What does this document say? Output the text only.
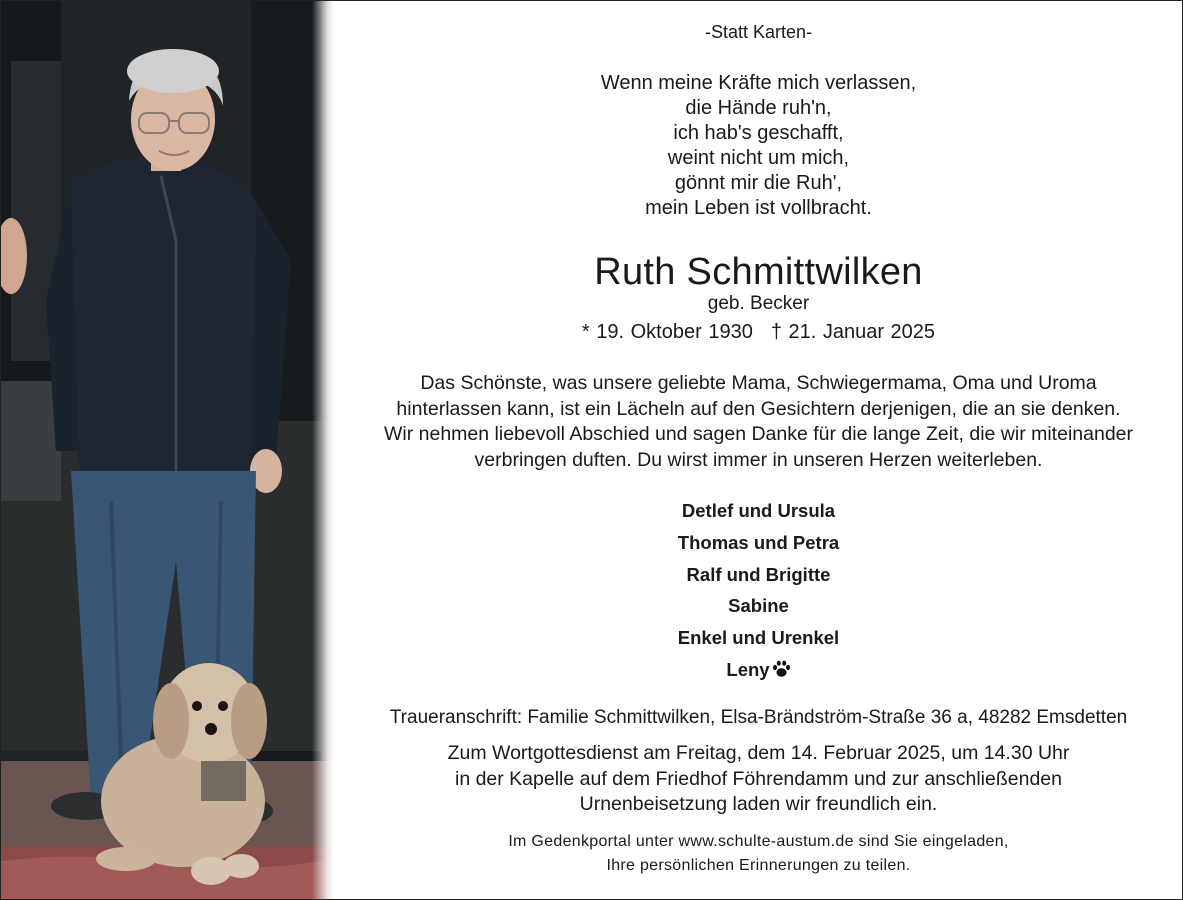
-Statt Karten-
Wenn meine Kräfte mich verlassen,
die Hände ruh'n,
ich hab's geschafft,
weint nicht um mich,
gönnt mir die Ruh',
mein Leben ist vollbracht.
Ruth Schmittwilken
geb. Becker
* 19. Oktober 1930 † 21. Januar 2025
Das Schönste, was unsere geliebte Mama, Schwiegermama, Oma und Uroma
hinterlassen kann, ist ein Lächeln auf den Gesichtern derjenigen, die an sie denken.
Wir nehmen liebevoll Abschied und sagen Danke für die lange Zeit, die wir miteinander
verbringen duften. Du wirst immer in unseren Herzen weiterleben.
Detlef und Ursula
Thomas und Petra
Ralf und Brigitte
Sabine
Enkel und Urenkel
Leny
Traueranschrift: Familie Schmittwilken, Elsa-Brändström-Straße 36 a, 48282 Emsdetten
Zum Wortgottesdienst am Freitag, dem 14. Februar 2025, um 14.30 Uhr
in der Kapelle auf dem Friedhof Föhrendamm und zur anschließenden
Urnenbeisetzung laden wir freundlich ein.
Im Gedenkportal unter www.schulte-austum.de sind Sie eingeladen,
Ihre persönlichen Erinnerungen zu teilen.
